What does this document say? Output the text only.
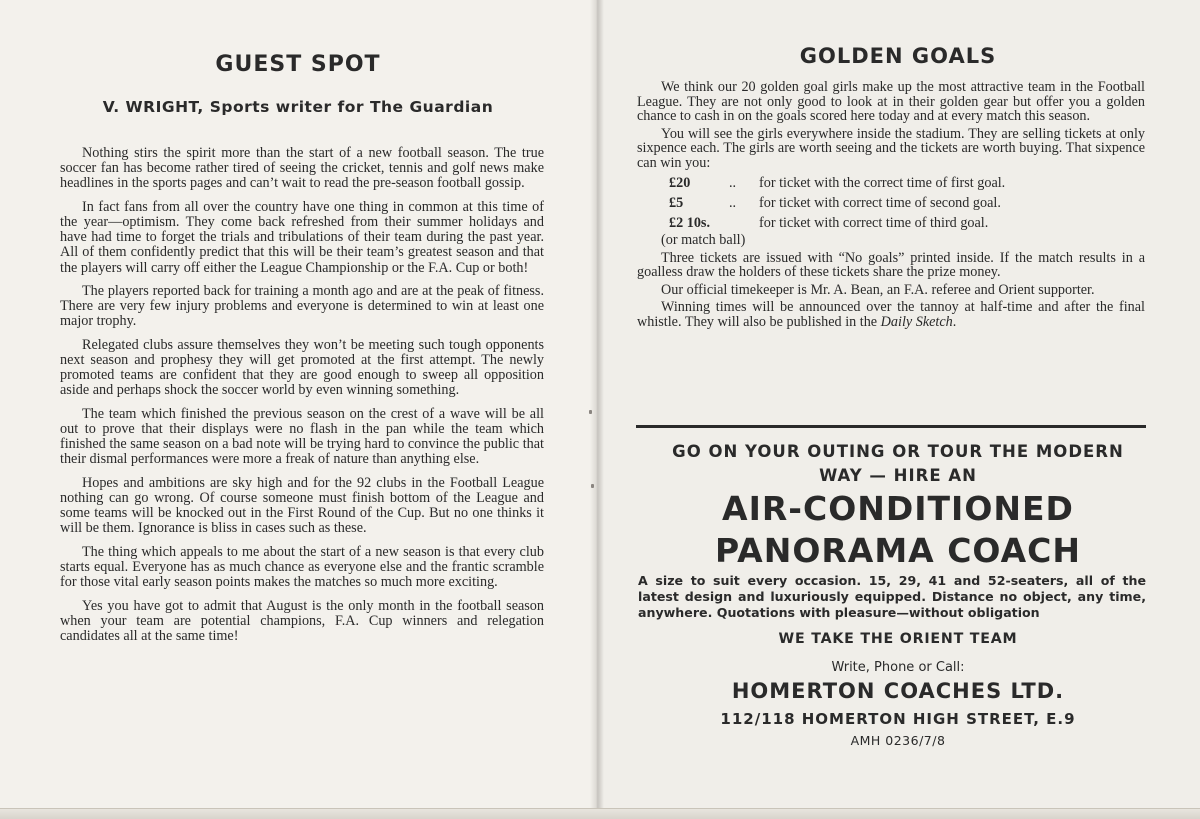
GUEST SPOT
V. WRIGHT, Sports writer for The Guardian

Nothing stirs the spirit more than the start of a new football season. The true soccer fan has become rather tired of seeing the cricket, tennis and golf news make headlines in the sports pages and can’t wait to read the pre-season football gossip.

In fact fans from all over the country have one thing in common at this time of the year—optimism. They come back refreshed from their summer holidays and have had time to forget the trials and tribulations of their team during the past year. All of them confidently predict that this will be their team’s greatest season and that the players will carry off either the League Championship or the F.A. Cup or both!

The players reported back for training a month ago and are at the peak of fitness. There are very few injury problems and everyone is determined to win at least one major trophy.

Relegated clubs assure themselves they won’t be meeting such tough opponents next season and prophesy they will get promoted at the first attempt. The newly promoted teams are confident that they are good enough to sweep all opposition aside and perhaps shock the soccer world by even winning something.

The team which finished the previous season on the crest of a wave will be all out to prove that their displays were no flash in the pan while the team which finished the same season on a bad note will be trying hard to convince the public that their dismal performances were more a freak of nature than anything else.

Hopes and ambitions are sky high and for the 92 clubs in the Football League nothing can go wrong. Of course someone must finish bottom of the League and some teams will be knocked out in the First Round of the Cup. But no one thinks it will be them. Ignorance is bliss in cases such as these.

The thing which appeals to me about the start of a new season is that every club starts equal. Everyone has as much chance as everyone else and the frantic scramble for those vital early season points makes the matches so much more exciting.

Yes you have got to admit that August is the only month in the football season when your team are potential champions, F.A. Cup winners and relegation candidates all at the same time!

GOLDEN GOALS

We think our 20 golden goal girls make up the most attractive team in the Football League. They are not only good to look at in their golden gear but offer you a golden chance to cash in on the goals scored here today and at every match this season.

You will see the girls everywhere inside the stadium. They are selling tickets at only sixpence each. The girls are worth seeing and the tickets are worth buying. That sixpence can win you:

£20	..	for ticket with the correct time of first goal.
£5	..	for ticket with correct time of second goal.
£2 10s.		for ticket with correct time of third goal.

(or match ball)

Three tickets are issued with “No goals” printed inside. If the match results in a goalless draw the holders of these tickets share the prize money.

Our official timekeeper is Mr. A. Bean, an F.A. referee and Orient supporter.

Winning times will be announced over the tannoy at half-time and after the final whistle. They will also be published in the Daily Sketch.

GO ON YOUR OUTING OR TOUR THE MODERN
WAY — HIRE AN
AIR-CONDITIONED
PANORAMA COACH
A size to suit every occasion. 15, 29, 41 and 52-seaters, all of the latest design and luxuriously equipped. Distance no object, any time, anywhere. Quotations with pleasure—without obligation
WE TAKE THE ORIENT TEAM
Write, Phone or Call:
HOMERTON COACHES LTD.
112/118 HOMERTON HIGH STREET, E.9
AMH 0236/7/8
